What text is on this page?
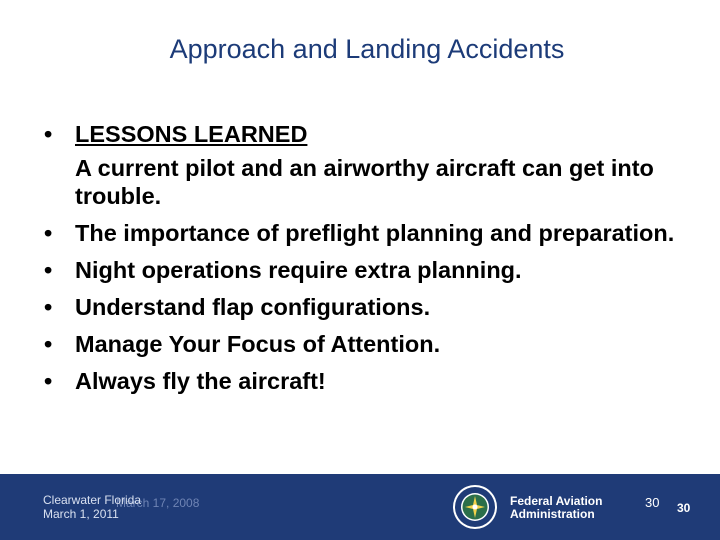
Approach and Landing Accidents
• LESSONS LEARNED
A current pilot and an airworthy aircraft can get into trouble.
• The importance of preflight planning and preparation.
• Night operations require extra planning.
• Understand flap configurations.
• Manage Your Focus of Attention.
• Always fly the aircraft!
March 17, 2008
Clearwater Florida
March 1, 2011
Federal Aviation
Administration
30 30
